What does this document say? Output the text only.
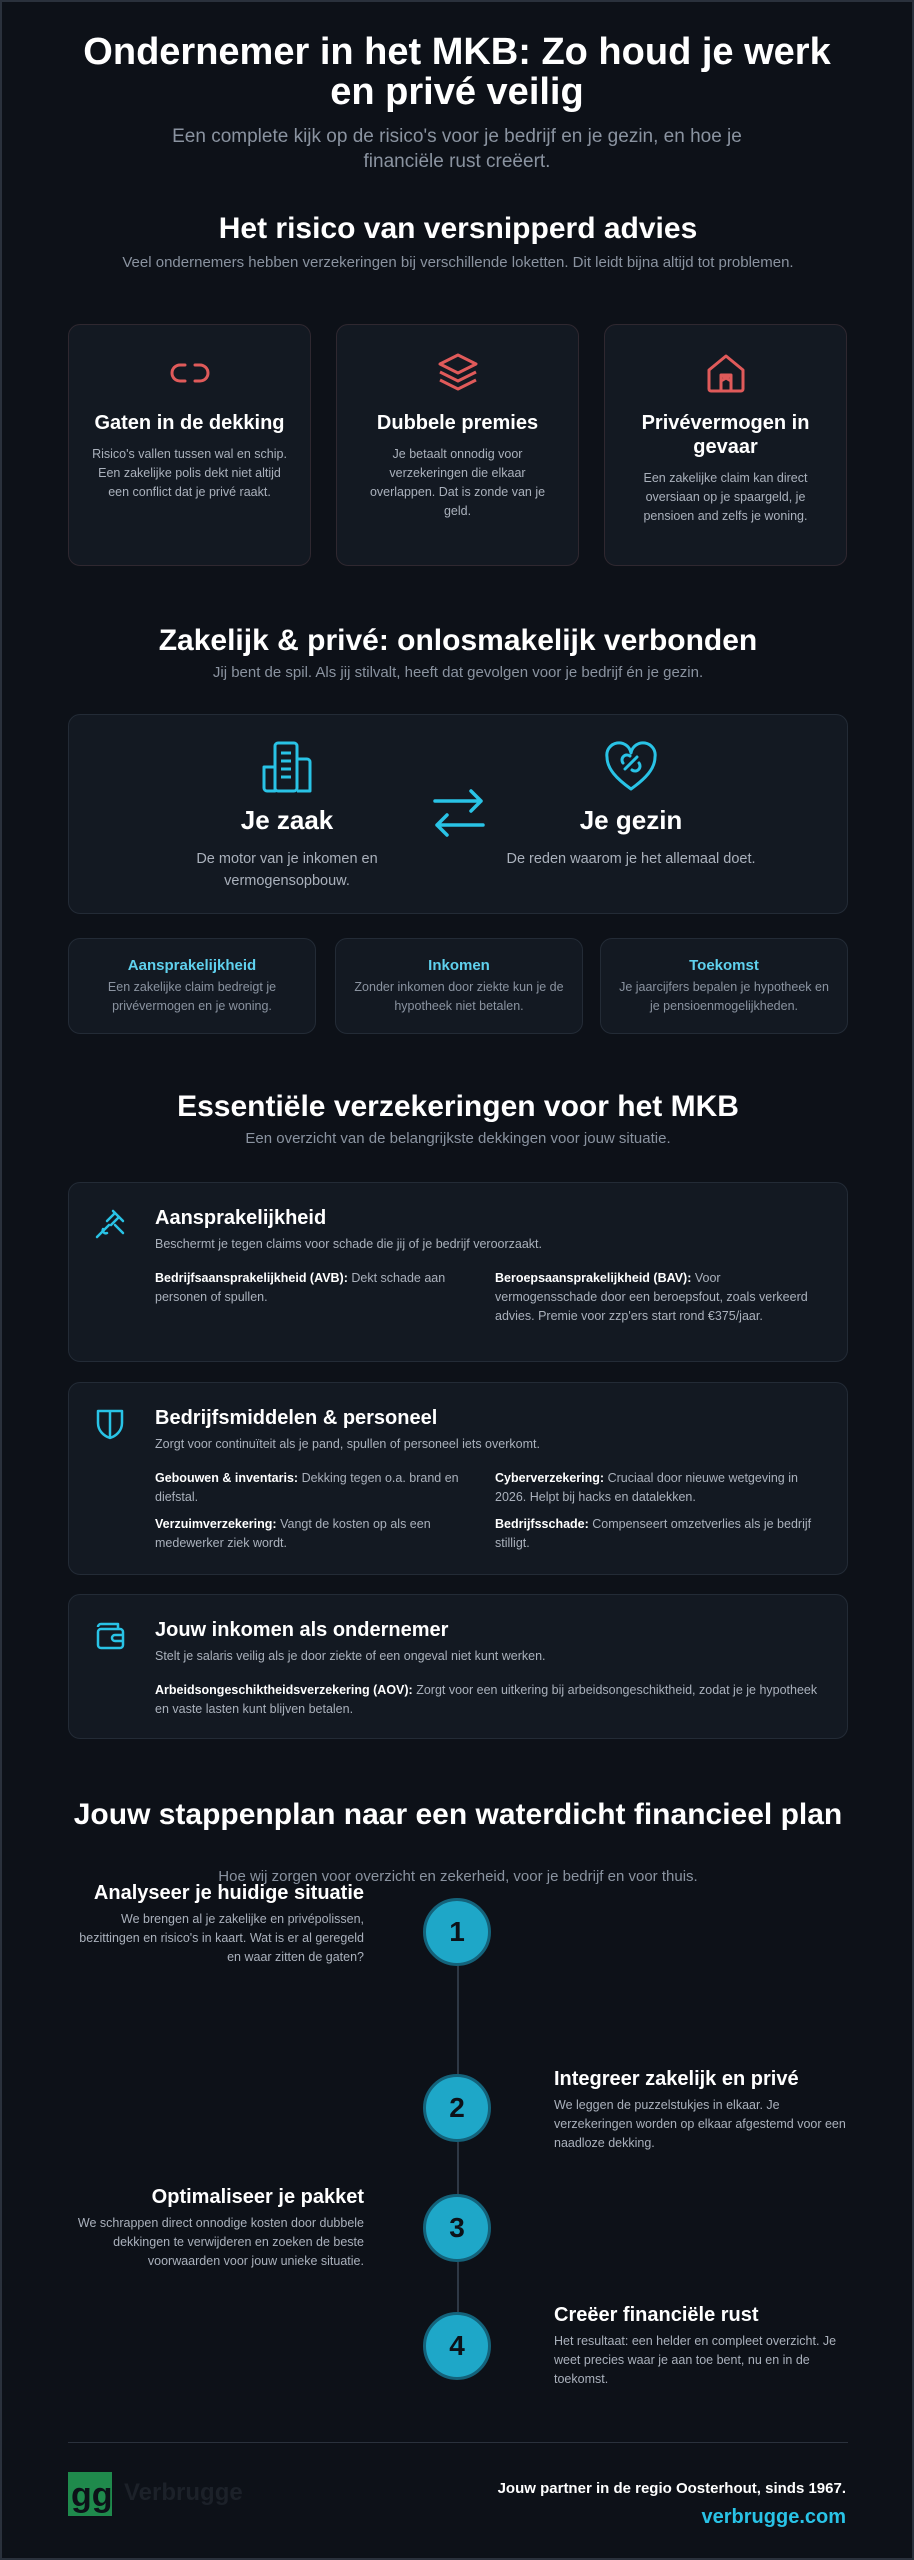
Ondernemer in het MKB: Zo houd je werk en privé veilig

Een complete kijk op de risico's voor je bedrijf en je gezin, en hoe je financiële rust creëert.

Het risico van versnipperd advies

Veel ondernemers hebben verzekeringen bij verschillende loketten. Dit leidt bijna altijd tot problemen.

Gaten in de dekking
Risico's vallen tussen wal en schip. Een zakelijke polis dekt niet altijd een conflict dat je privé raakt.
Dubbele premies
Je betaalt onnodig voor verzekeringen die elkaar overlappen. Dat is zonde van je geld.
Privévermogen in gevaar
Een zakelijke claim kan direct oversiaan op je spaargeld, je pensioen and zelfs je woning.
Zakelijk & privé: onlosmakelijk verbonden

Jij bent de spil. Als jij stilvalt, heeft dat gevolgen voor je bedrijf én je gezin.

Je zaak
De motor van je inkomen en vermogensopbouw.
Je gezin
De reden waarom je het allemaal doet.
Aansprakelijkheid
Een zakelijke claim bedreigt je privévermogen en je woning.
Inkomen
Zonder inkomen door ziekte kun je de hypotheek niet betalen.
Toekomst
Je jaarcijfers bepalen je hypotheek en je pensioenmogelijkheden.
Essentiële verzekeringen voor het MKB

Een overzicht van de belangrijkste dekkingen voor jouw situatie.

Aansprakelijkheid
Beschermt je tegen claims voor schade die jij of je bedrijf veroorzaakt.
Bedrijfsaansprakelijkheid (AVB): Dekt schade aan personen of spullen.
Beroepsaansprakelijkheid (BAV): Voor vermogensschade door een beroepsfout, zoals verkeerd advies. Premie voor zzp'ers start rond €375/jaar.
Bedrijfsmiddelen & personeel
Zorgt voor continuïteit als je pand, spullen of personeel iets overkomt.
Gebouwen & inventaris: Dekking tegen o.a. brand en diefstal.
Cyberverzekering: Cruciaal door nieuwe wetgeving in 2026. Helpt bij hacks en datalekken.
Verzuimverzekering: Vangt de kosten op als een medewerker ziek wordt.
Bedrijfsschade: Compenseert omzetverlies als je bedrijf stilligt.
Jouw inkomen als ondernemer
Stelt je salaris veilig als je door ziekte of een ongeval niet kunt werken.
Arbeidsongeschiktheidsverzekering (AOV): Zorgt voor een uitkering bij arbeidsongeschiktheid, zodat je je hypotheek en vaste lasten kunt blijven betalen.
Jouw stappenplan naar een waterdicht financieel plan

Hoe wij zorgen voor overzicht en zekerheid, voor je bedrijf en voor thuis.

1
2
3
4
Analyseer je huidige situatie
We brengen al je zakelijke en privépolissen, bezittingen en risico's in kaart. Wat is er al geregeld en waar zitten de gaten?
Integreer zakelijk en privé
We leggen de puzzelstukjes in elkaar. Je verzekeringen worden op elkaar afgestemd voor een naadloze dekking.
Optimaliseer je pakket
We schrappen direct onnodige kosten door dubbele dekkingen te verwijderen en zoeken de beste voorwaarden voor jouw unieke situatie.
Creëer financiële rust
Het resultaat: een helder en compleet overzicht. Je weet precies waar je aan toe bent, nu en in de toekomst.
gg Verbrugge	Jouw partner in de regio Oosterhout, sinds 1967.
verbrugge.com
